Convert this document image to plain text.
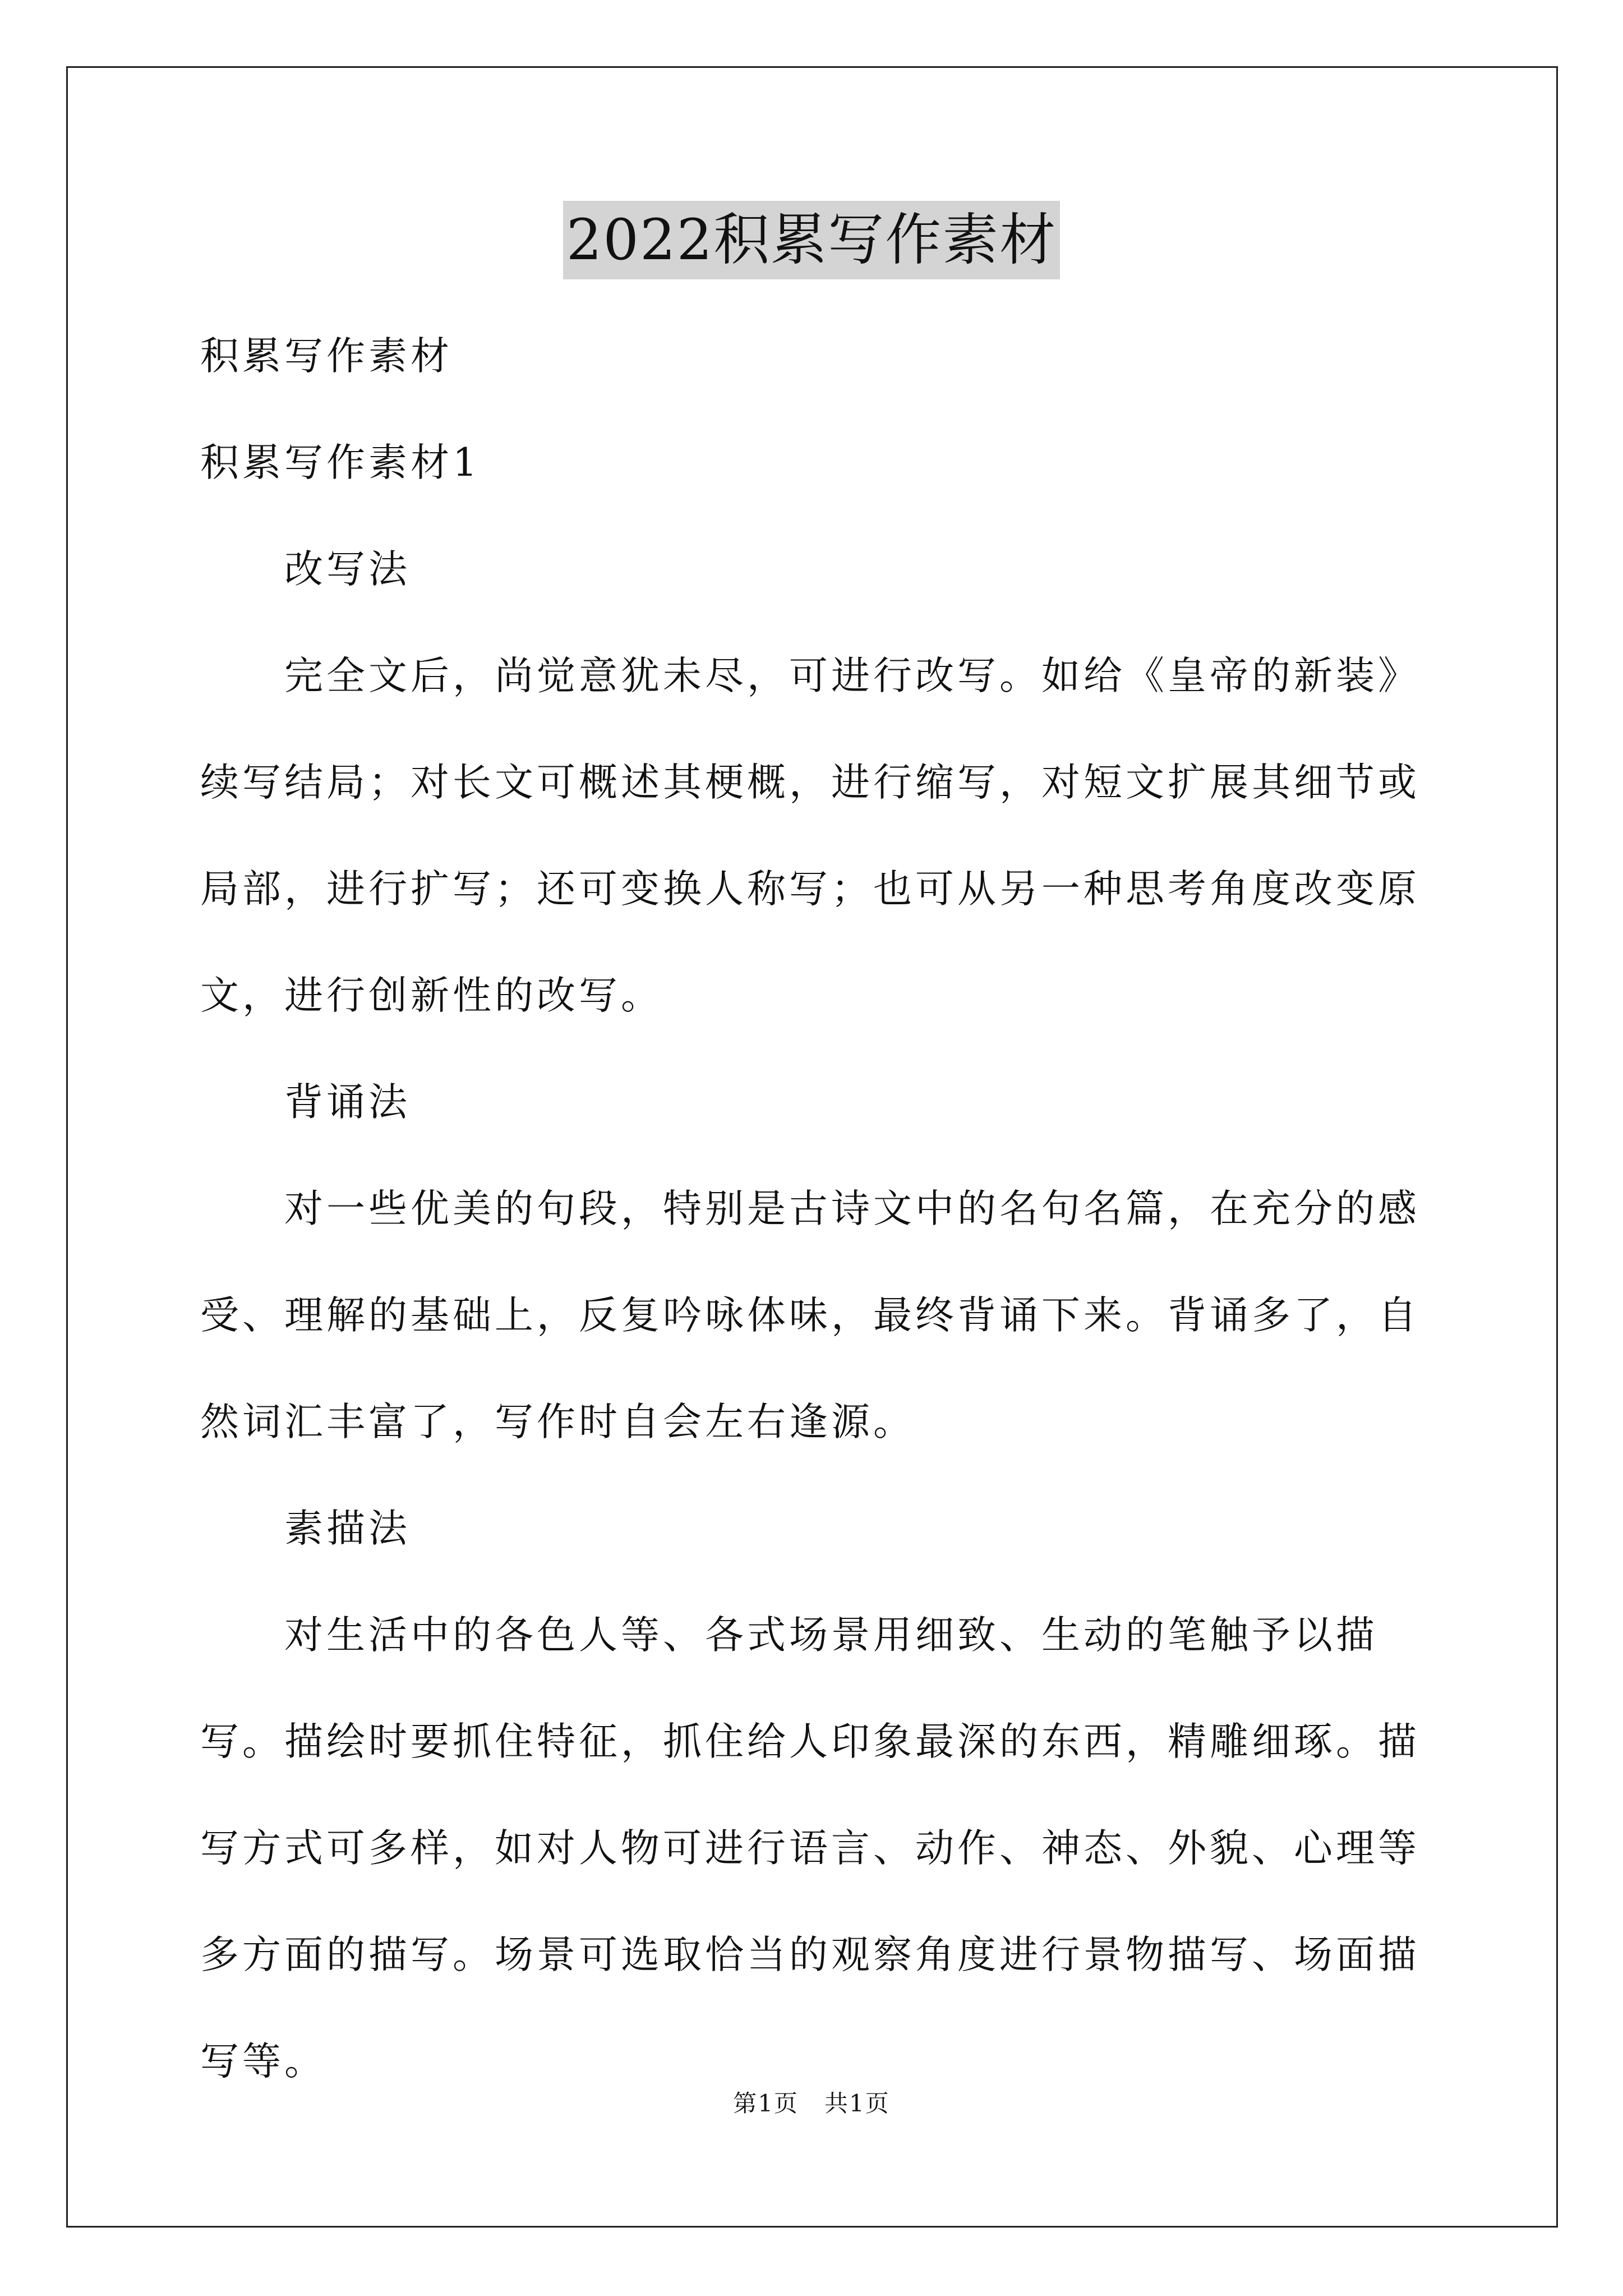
2022积累写作素材

积累写作素材

积累写作素材1

改写法

完全文后，尚觉意犹未尽，可进行改写。如给《皇帝的新装》续写结局；对长文可概述其梗概，进行缩写，对短文扩展其细节或局部，进行扩写；还可变换人称写；也可从另一种思考角度改变原文，进行创新性的改写。

背诵法

对一些优美的句段，特别是古诗文中的名句名篇，在充分的感受、理解的基础上，反复吟咏体味，最终背诵下来。背诵多了，自然词汇丰富了，写作时自会左右逢源。

素描法

对生活中的各色人等、各式场景用细致、生动的笔触予以描写。描绘时要抓住特征，抓住给人印象最深的东西，精雕细琢。描写方式可多样，如对人物可进行语言、动作、神态、外貌、心理等多方面的描写。场景可选取恰当的观察角度进行景物描写、场面描写等。

第1页 共1页
